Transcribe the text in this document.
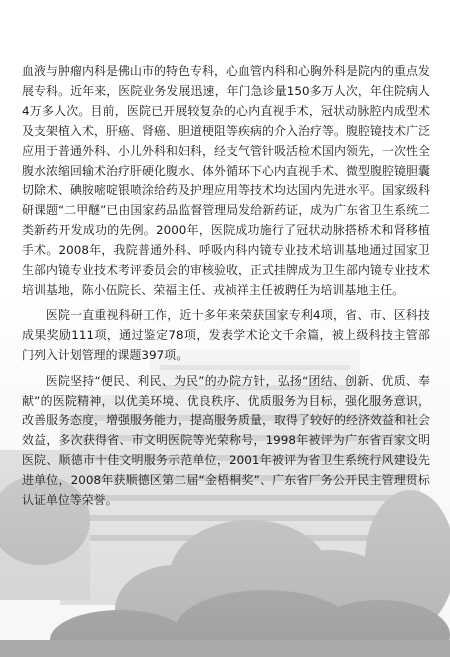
血液与肿瘤内科是佛山市的特色专科，心血管内科和心胸外科是院内的重点发展专科。近年来，医院业务发展迅速，年门急诊量150多万人次，年住院病人4万多人次。目前，医院已开展较复杂的心内直视手术，冠状动脉腔内成型术及支架植入术，肝癌、肾癌、胆道梗阻等疾病的介入治疗等。腹腔镜技术广泛应用于普通外科、小儿外科和妇科，经支气管针吸活检术国内领先，一次性全腹水浓缩回输术治疗肝硬化腹水、体外循环下心内直视手术、微型腹腔镜胆囊切除术、碘胺嘧啶银喷涂给药及护理应用等技术均达国内先进水平。国家级科研课题“二甲醚”已由国家药品监督管理局发给新药证，成为广东省卫生系统二类新药开发成功的先例。2000年，医院成功施行了冠状动脉搭桥术和肾移植手术。2008年，我院普通外科、呼吸内科内镜专业技术培训基地通过国家卫生部内镜专业技术考评委员会的审核验收，正式挂牌成为卫生部内镜专业技术培训基地，陈小伍院长、荣福主任、戎祯祥主任被聘任为培训基地主任。

医院一直重视科研工作，近十多年来荣获国家专利4项，省、市、区科技成果奖励111项，通过鉴定78项，发表学术论文千余篇，被上级科技主管部门列入计划管理的课题397项。

医院坚持“便民、利民、为民”的办院方针，弘扬“团结、创新、优质、奉献”的医院精神，以优美环境、优良秩序、优质服务为目标，强化服务意识，改善服务态度，增强服务能力，提高服务质量，取得了较好的经济效益和社会效益，多次获得省、市文明医院等光荣称号，1998年被评为广东省百家文明医院、顺德市十佳文明服务示范单位，2001年被评为省卫生系统行风建设先进单位，2008年获顺德区第二届“金梧桐奖”、广东省厂务公开民主管理贯标认证单位等荣誉。
